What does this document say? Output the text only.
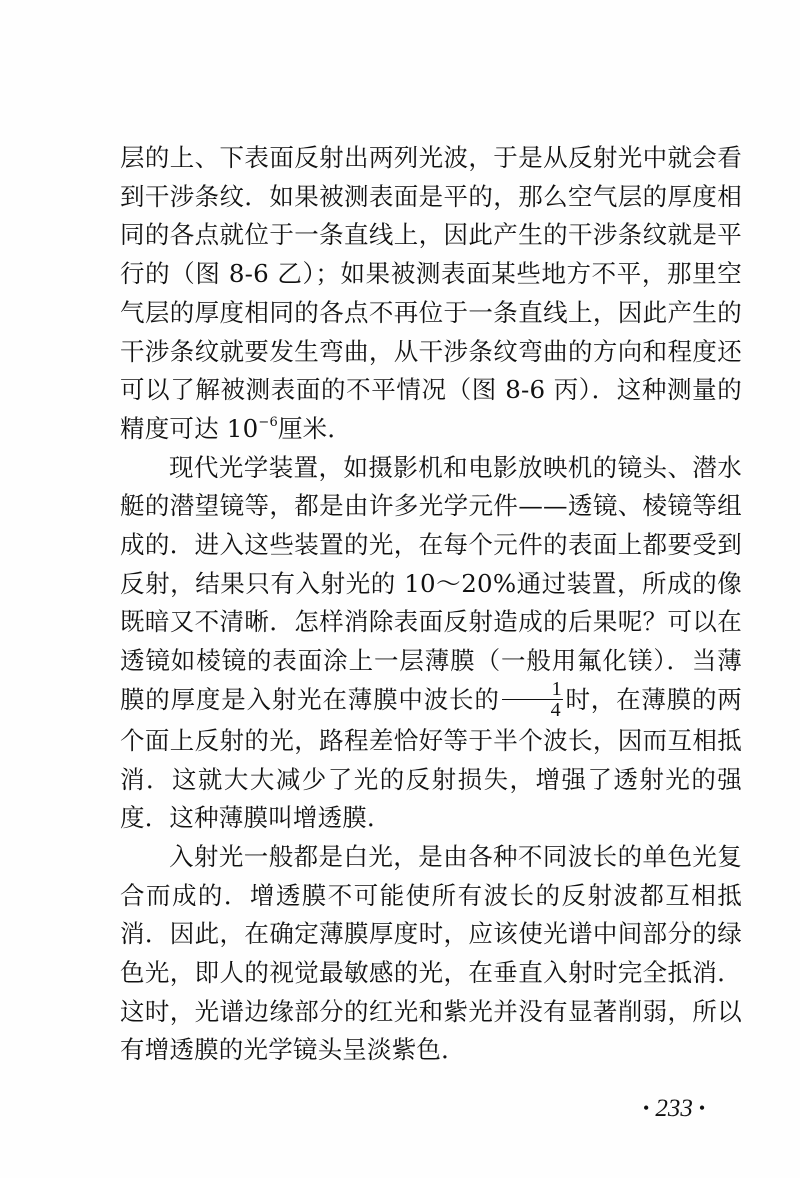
层的上、下表面反射出两列光波，于是从反射光中就会看到干涉条纹．如果被测表面是平的，那么空气层的厚度相同的各点就位于一条直线上，因此产生的干涉条纹就是平行的（图 8-6 乙）；如果被测表面某些地方不平，那里空气层的厚度相同的各点不再位于一条直线上，因此产生的干涉条纹就要发生弯曲，从干涉条纹弯曲的方向和程度还可以了解被测表面的不平情况（图 8-6 丙）．这种测量的精度可达 $10^{-6}$厘米．

现代光学装置，如摄影机和电影放映机的镜头、潜水艇的潜望镜等，都是由许多光学元件——透镜、棱镜等组成的．进入这些装置的光，在每个元件的表面上都要受到反射，结果只有入射光的 10～20%通过装置，所成的像既暗又不清晰．怎样消除表面反射造成的后果呢？可以在透镜如棱镜的表面涂上一层薄膜（一般用氟化镁）．当薄膜的厚度是入射光在薄膜中波长的 $\frac{1}{4}$ 时，在薄膜的两个面上反射的光，路程差恰好等于半个波长，因而互相抵消．这就大大减少了光的反射损失，增强了透射光的强度．这种薄膜叫增透膜．

入射光一般都是白光，是由各种不同波长的单色光复合而成的．增透膜不可能使所有波长的反射波都互相抵消．因此，在确定薄膜厚度时，应该使光谱中间部分的绿色光，即人的视觉最敏感的光，在垂直入射时完全抵消．这时，光谱边缘部分的红光和紫光并没有显著削弱，所以有增透膜的光学镜头呈淡紫色．

• 233 •
